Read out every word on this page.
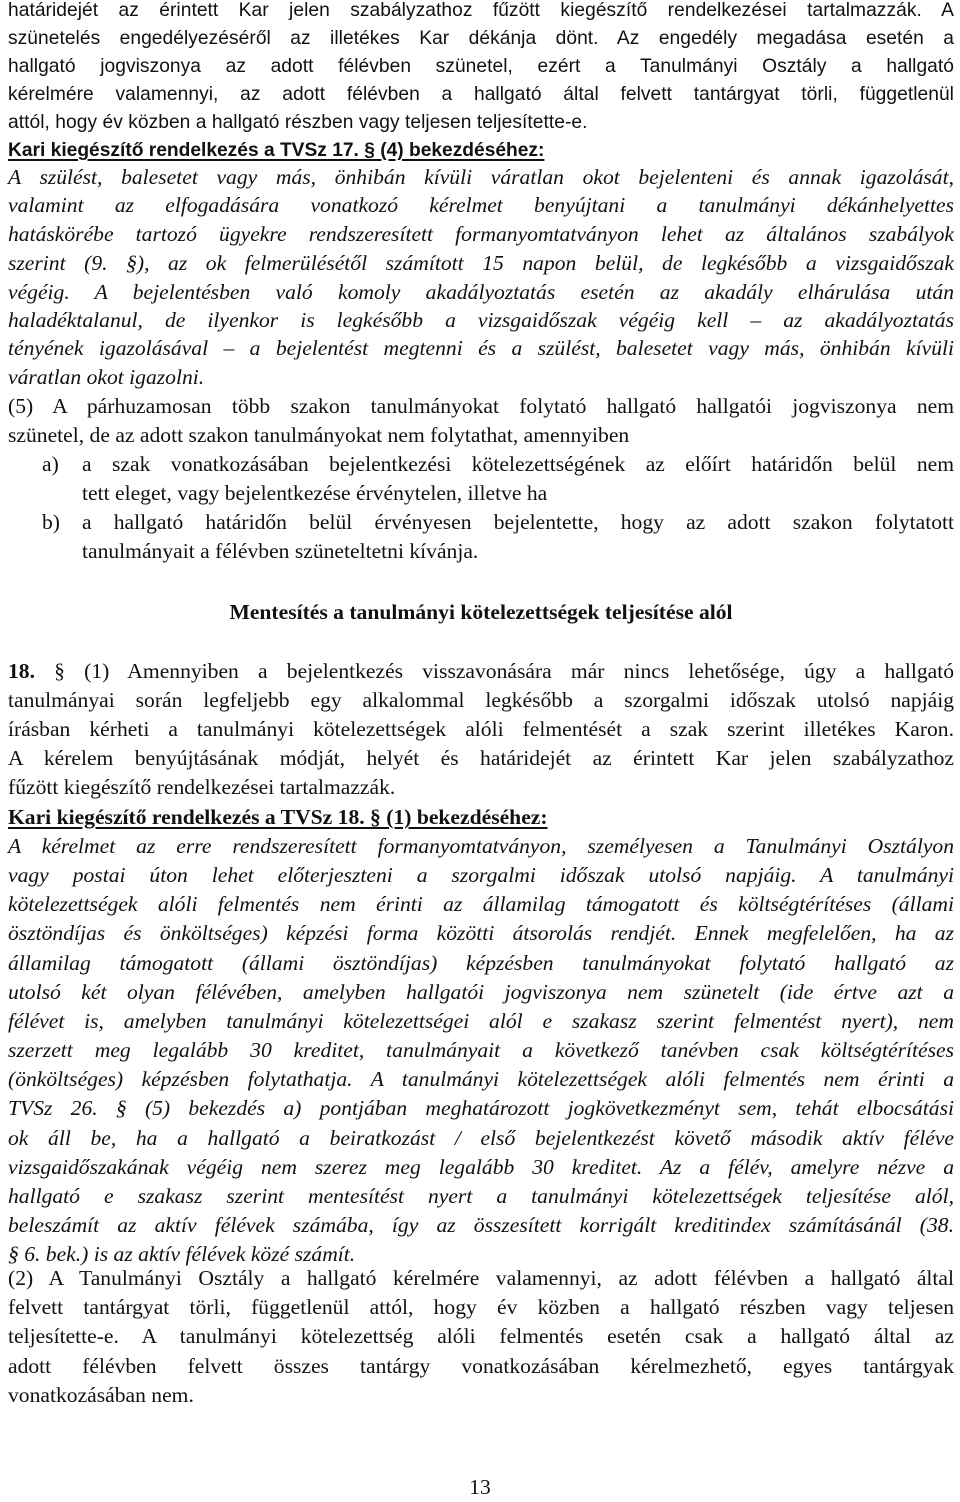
határidejét az érintett Kar jelen szabályzathoz fűzött kiegészítő rendelkezései tartalmazzák. A
szünetelés engedélyezéséről az illetékes Kar dékánja dönt. Az engedély megadása esetén a
hallgató jogviszonya az adott félévben szünetel, ezért a Tanulmányi Osztály a hallgató
kérelmére valamennyi, az adott félévben a hallgató által felvett tantárgyat törli, függetlenül
attól, hogy év közben a hallgató részben vagy teljesen teljesítette-e.
Kari kiegészítő rendelkezés a TVSz 17. § (4) bekezdéséhez:
A szülést, balesetet vagy más, önhibán kívüli váratlan okot bejelenteni és annak igazolását,
valamint az elfogadására vonatkozó kérelmet benyújtani a tanulmányi dékánhelyettes
hatáskörébe tartozó ügyekre rendszeresített formanyomtatványon lehet az általános szabályok
szerint (9. §), az ok felmerülésétől számított 15 napon belül, de legkésőbb a vizsgaidőszak
végéig. A bejelentésben való komoly akadályoztatás esetén az akadály elhárulása után
haladéktalanul, de ilyenkor is legkésőbb a vizsgaidőszak végéig kell – az akadályoztatás
tényének igazolásával – a bejelentést megtenni és a szülést, balesetet vagy más, önhibán kívüli
váratlan okot igazolni.
(5) A párhuzamosan több szakon tanulmányokat folytató hallgató hallgatói jogviszonya nem
szünetel, de az adott szakon tanulmányokat nem folytathat, amennyiben
a) a szak vonatkozásában bejelentkezési kötelezettségének az előírt határidőn belül nem
tett eleget, vagy bejelentkezése érvénytelen, illetve ha
b) a hallgató határidőn belül érvényesen bejelentette, hogy az adott szakon folytatott
tanulmányait a félévben szüneteltetni kívánja.
Mentesítés a tanulmányi kötelezettségek teljesítése alól
18. § (1) Amennyiben a bejelentkezés visszavonására már nincs lehetősége, úgy a hallgató
tanulmányai során legfeljebb egy alkalommal legkésőbb a szorgalmi időszak utolsó napjáig
írásban kérheti a tanulmányi kötelezettségek alóli felmentését a szak szerint illetékes Karon.
A kérelem benyújtásának módját, helyét és határidejét az érintett Kar jelen szabályzathoz
fűzött kiegészítő rendelkezései tartalmazzák.
Kari kiegészítő rendelkezés a TVSz 18. § (1) bekezdéséhez:
A kérelmet az erre rendszeresített formanyomtatványon, személyesen a Tanulmányi Osztályon
vagy postai úton lehet előterjeszteni a szorgalmi időszak utolsó napjáig. A tanulmányi
kötelezettségek alóli felmentés nem érinti az államilag támogatott és költségtérítéses (állami
ösztöndíjas és önköltséges) képzési forma közötti átsorolás rendjét. Ennek megfelelően, ha az
államilag támogatott (állami ösztöndíjas) képzésben tanulmányokat folytató hallgató az
utolsó két olyan félévében, amelyben hallgatói jogviszonya nem szünetelt (ide értve azt a
félévet is, amelyben tanulmányi kötelezettségei alól e szakasz szerint felmentést nyert), nem
szerzett meg legalább 30 kreditet, tanulmányait a következő tanévben csak költségtérítéses
(önköltséges) képzésben folytathatja. A tanulmányi kötelezettségek alóli felmentés nem érinti a
TVSz 26. § (5) bekezdés a) pontjában meghatározott jogkövetkezményt sem, tehát elbocsátási
ok áll be, ha a hallgató a beiratkozást / első bejelentkezést követő második aktív féléve
vizsgaidőszakának végéig nem szerez meg legalább 30 kreditet. Az a félév, amelyre nézve a
hallgató e szakasz szerint mentesítést nyert a tanulmányi kötelezettségek teljesítése alól,
beleszámít az aktív félévek számába, így az összesített korrigált kreditindex számításánál (38.
§ 6. bek.) is az aktív félévek közé számít.
(2) A Tanulmányi Osztály a hallgató kérelmére valamennyi, az adott félévben a hallgató által
felvett tantárgyat törli, függetlenül attól, hogy év közben a hallgató részben vagy teljesen
teljesítette-e. A tanulmányi kötelezettség alóli felmentés esetén csak a hallgató által az
adott félévben felvett összes tantárgy vonatkozásában kérelmezhető, egyes tantárgyak
vonatkozásában nem.
13
